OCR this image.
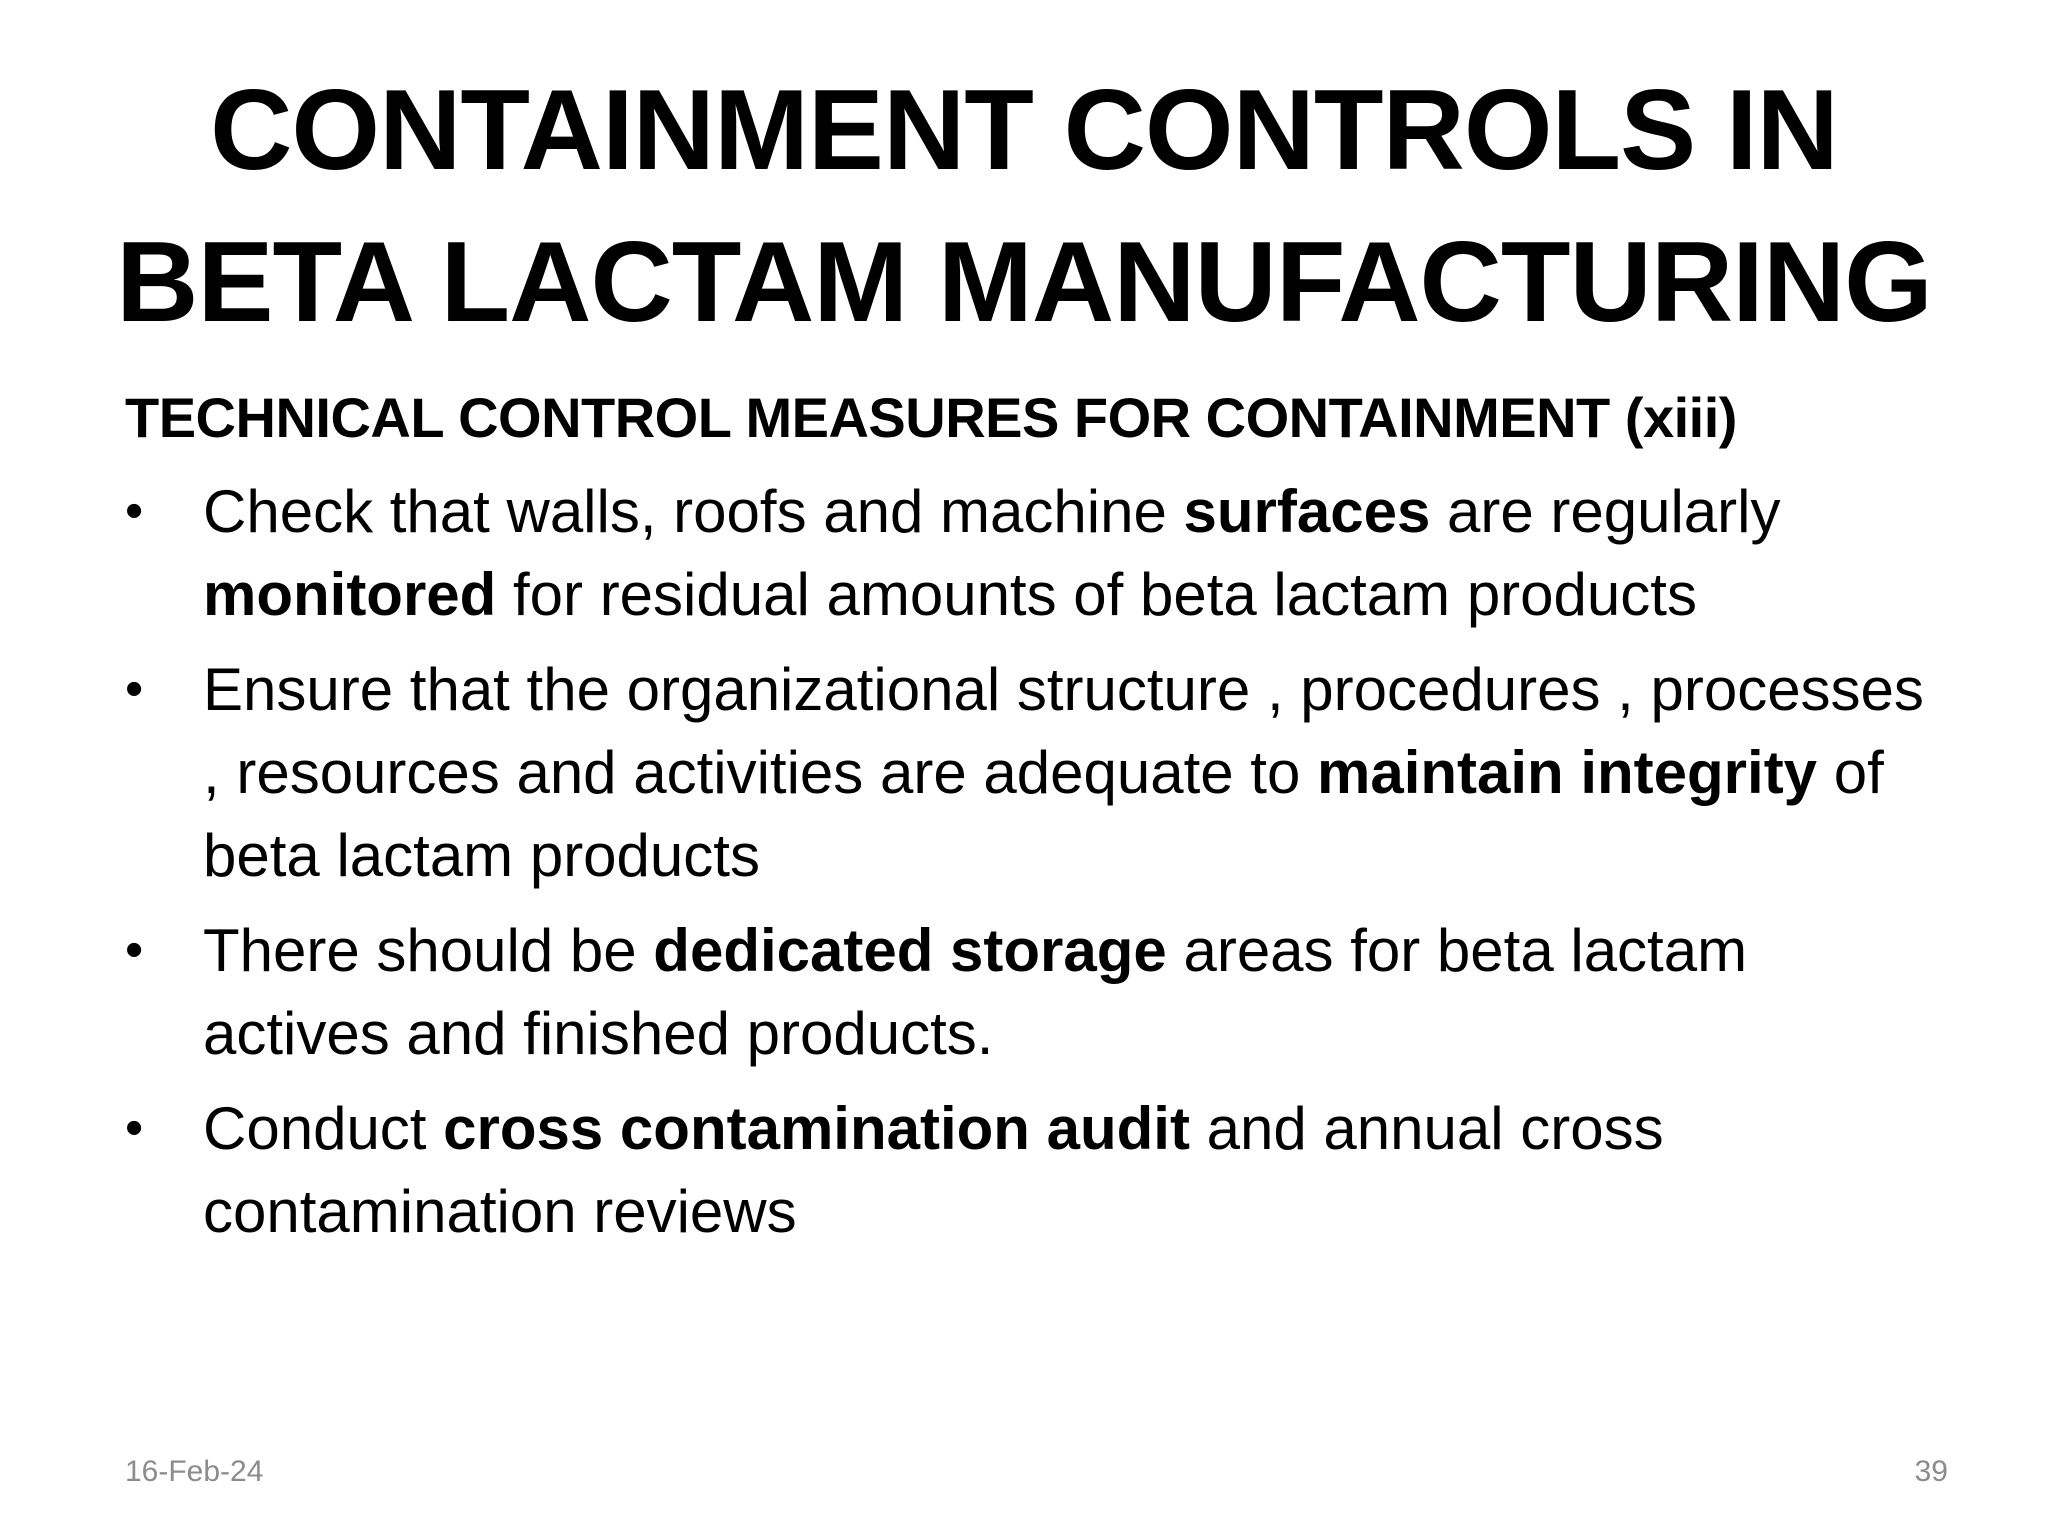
CONTAINMENT CONTROLS IN
BETA LACTAM MANUFACTURING
TECHNICAL CONTROL MEASURES FOR CONTAINMENT (xiii)
• Check that walls, roofs and machine surfaces are regularly monitored for residual amounts of beta lactam products
• Ensure that the organizational structure , procedures , processes , resources and activities are adequate to maintain integrity of beta lactam products
• There should be dedicated storage areas for beta lactam actives and finished products.
• Conduct cross contamination audit and annual cross contamination reviews
16-Feb-24	39
